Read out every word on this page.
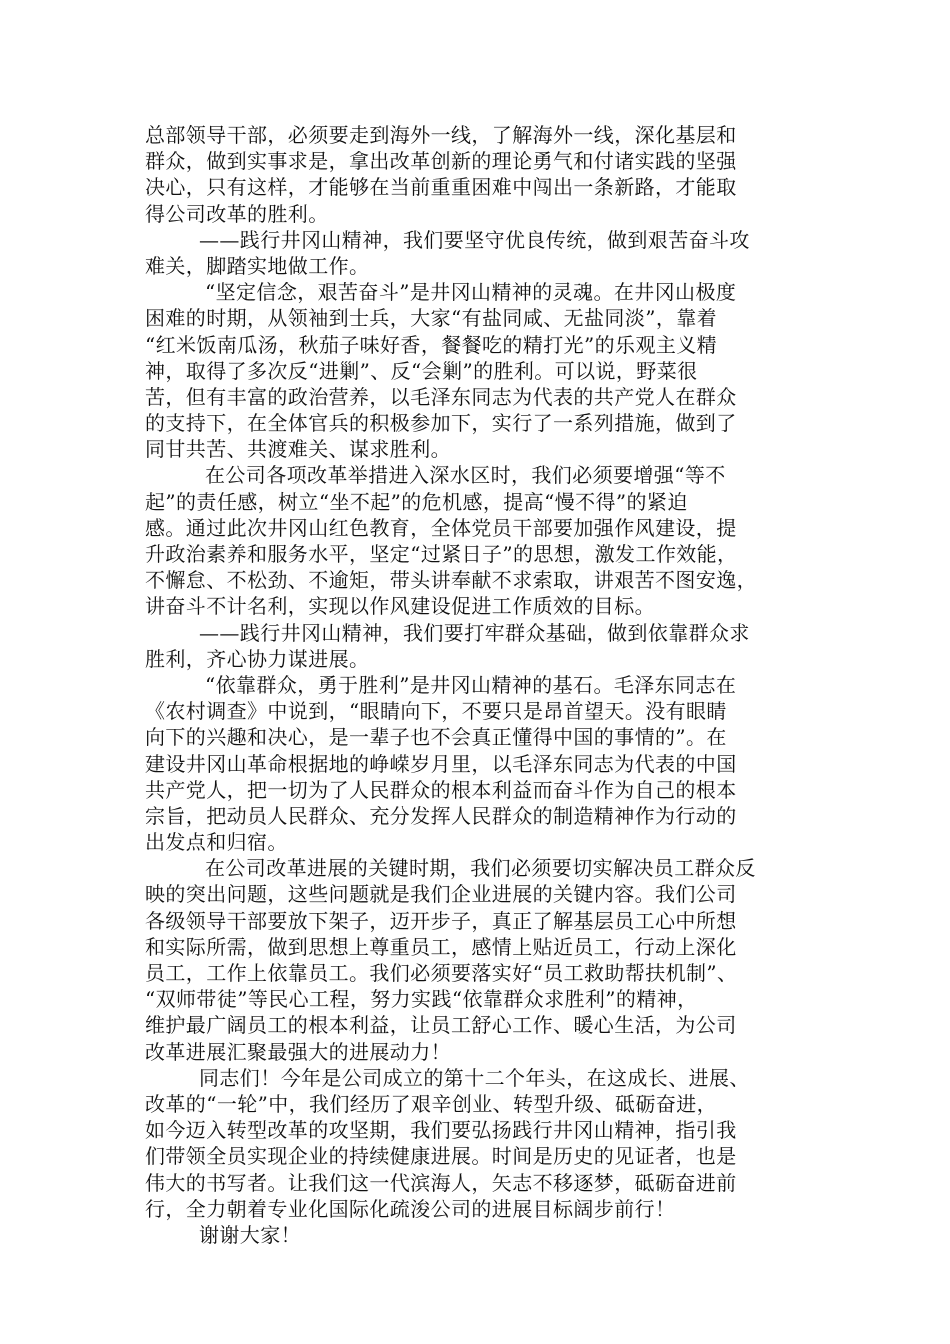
总部领导干部，必须要走到海外一线，了解海外一线，深化基层和
群众，做到实事求是，拿出改革创新的理论勇气和付诸实践的坚强
决心，只有这样，才能够在当前重重困难中闯出一条新路，才能取
得公司改革的胜利。
——践行井冈山精神，我们要坚守优良传统，做到艰苦奋斗攻
难关，脚踏实地做工作。
“坚定信念，艰苦奋斗”是井冈山精神的灵魂。在井冈山极度
困难的时期，从领袖到士兵，大家“有盐同咸、无盐同淡”，靠着
“红米饭南瓜汤，秋茄子味好香，餐餐吃的精打光”的乐观主义精
神，取得了多次反“进剿”、反“会剿”的胜利。可以说，野菜很
苦，但有丰富的政治营养，以毛泽东同志为代表的共产党人在群众
的支持下，在全体官兵的积极参加下，实行了一系列措施，做到了
同甘共苦、共渡难关、谋求胜利。
在公司各项改革举措进入深水区时，我们必须要增强“等不
起”的责任感，树立“坐不起”的危机感，提高“慢不得”的紧迫
感。通过此次井冈山红色教育，全体党员干部要加强作风建设，提
升政治素养和服务水平，坚定“过紧日子”的思想，激发工作效能，
不懈怠、不松劲、不逾矩，带头讲奉献不求索取，讲艰苦不图安逸，
讲奋斗不计名利，实现以作风建设促进工作质效的目标。
——践行井冈山精神，我们要打牢群众基础，做到依靠群众求
胜利，齐心协力谋进展。
“依靠群众，勇于胜利”是井冈山精神的基石。毛泽东同志在
《农村调查》中说到，“眼睛向下，不要只是昂首望天。没有眼睛
向下的兴趣和决心，是一辈子也不会真正懂得中国的事情的”。在
建设井冈山革命根据地的峥嵘岁月里，以毛泽东同志为代表的中国
共产党人，把一切为了人民群众的根本利益而奋斗作为自己的根本
宗旨，把动员人民群众、充分发挥人民群众的制造精神作为行动的
出发点和归宿。
在公司改革进展的关键时期，我们必须要切实解决员工群众反
映的突出问题，这些问题就是我们企业进展的关键内容。我们公司
各级领导干部要放下架子，迈开步子，真正了解基层员工心中所想
和实际所需，做到思想上尊重员工，感情上贴近员工，行动上深化
员工，工作上依靠员工。我们必须要落实好“员工救助帮扶机制”、
“双师带徒”等民心工程，努力实践“依靠群众求胜利”的精神，
维护最广阔员工的根本利益，让员工舒心工作、暖心生活，为公司
改革进展汇聚最强大的进展动力！
同志们！今年是公司成立的第十二个年头，在这成长、进展、
改革的“一轮”中，我们经历了艰辛创业、转型升级、砥砺奋进，
如今迈入转型改革的攻坚期，我们要弘扬践行井冈山精神，指引我
们带领全员实现企业的持续健康进展。时间是历史的见证者，也是
伟大的书写者。让我们这一代滨海人，矢志不移逐梦，砥砺奋进前
行，全力朝着专业化国际化疏浚公司的进展目标阔步前行！
谢谢大家！
